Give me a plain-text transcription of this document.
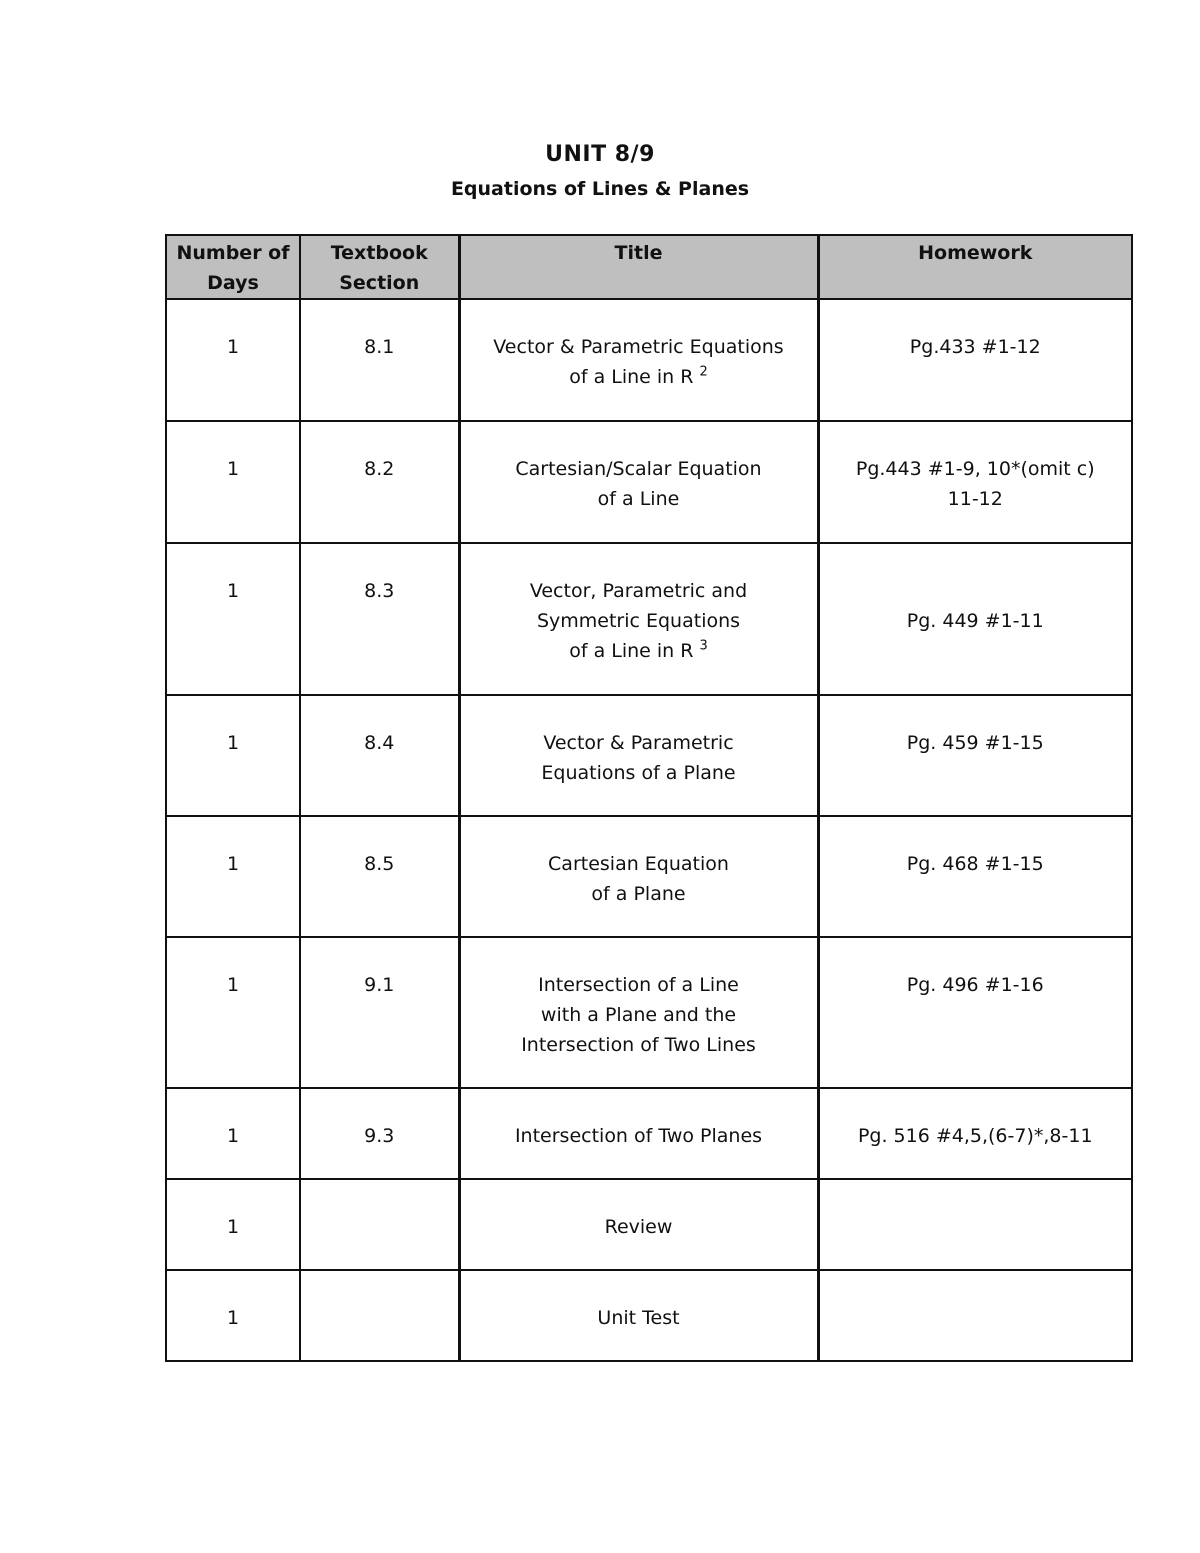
UNIT 8/9
Equations of Lines & Planes
Number of Days	Textbook Section	Title	Homework
1	8.1	Vector & Parametric Equations
of a Line in R $^2$	Pg.433 #1-12
1	8.2	Cartesian/Scalar Equation
of a Line	Pg.443 #1-9, 10*(omit c)
11-12

1	8.3	Vector, Parametric and
Symmetric Equations
of a Line in R $^3$	Pg. 449 #1-11
1	8.4	Vector & Parametric
Equations of a Plane	Pg. 459 #1-15
1	8.5	Cartesian Equation
of a Plane	Pg. 468 #1-15
1	9.1	Intersection of a Line
with a Plane and the
Intersection of Two Lines	Pg. 496 #1-16
1	9.3	Intersection of Two Planes	Pg. 516 #4,5,(6-7)*,8-11
1		Review	

1		Unit Test	
